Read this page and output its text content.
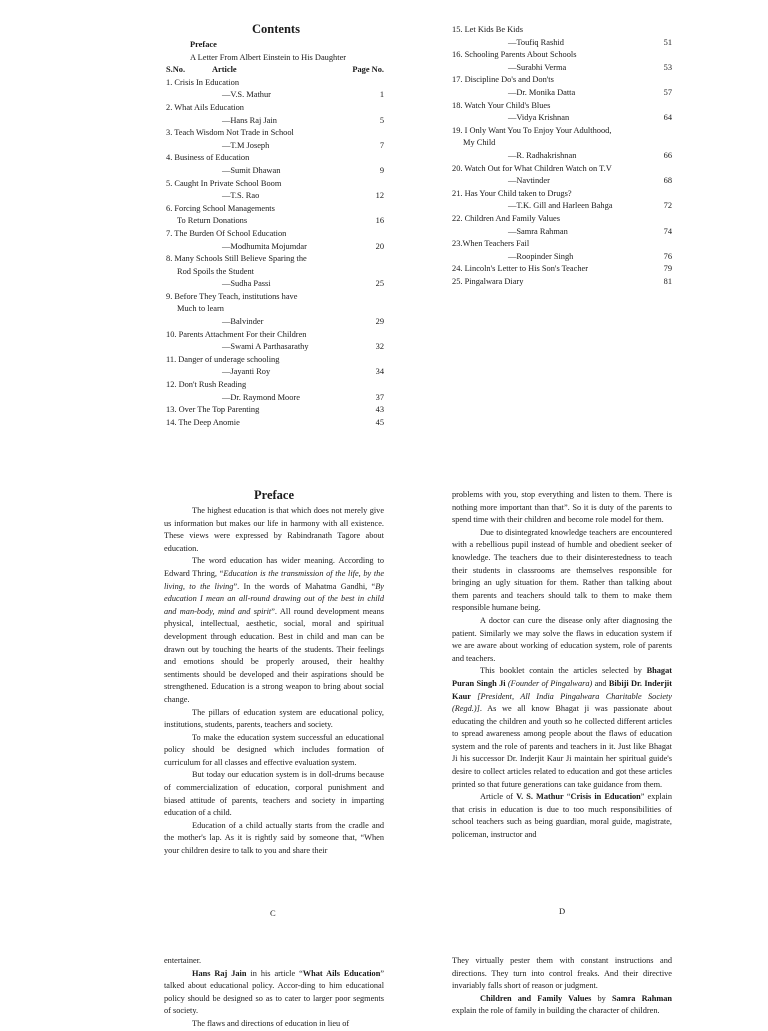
Contents
Preface
A Letter From Albert Einstein to His Daughter
S.No.	Article	Page No.
1. Crisis In Education
—V.S. Mathur	1
2. What Ails Education
—Hans Raj Jain	5
3. Teach Wisdom Not Trade in School
—T.M Joseph	7
4. Business of Education
—Sumit Dhawan	9
5. Caught In Private School Boom
—T.S. Rao	12
6. Forcing School Managements
To Return Donations	16
7. The Burden Of School Education
—Modhumita Mojumdar	20
8. Many Schools Still Believe Sparing the
Rod Spoils the Student
—Sudha Passi	25
9. Before They Teach, institutions have
Much to learn
—Balvinder	29
10. Parents Attachment For their Children
—Swami A Parthasarathy	32
11. Danger of underage schooling
—Jayanti Roy	34
12. Don't Rush Reading
—Dr. Raymond Moore	37
13. Over The Top Parenting	43
14. The Deep Anomie	45
15. Let Kids Be Kids
—Toufiq Rashid	51
16. Schooling Parents About Schools
—Surabhi Verma	53
17. Discipline Do's and Don'ts
—Dr. Monika Datta	57
18. Watch Your Child's Blues
—Vidya Krishnan	64
19. I Only Want You To Enjoy Your Adulthood,
My Child
—R. Radhakrishnan	66
20. Watch Out for What Children Watch on T.V
—Navtinder	68
21. Has Your Child taken to Drugs?
—T.K. Gill and Harleen Bahga	72
22. Children And Family Values
—Samra Rahman	74
23.When Teachers Fail
—Roopinder Singh	76
24. Lincoln's Letter to His Son's Teacher	79
25. Pingalwara Diary	81
Preface

The highest education is that which does not merely give us information but makes our life in harmony with all existence. These views were expressed by Rabindranath Tagore about education.

The word education has wider meaning. According to Edward Thring, “Education is the transmission of the life, by the living, to the living”. In the words of Mahatma Gandhi, “By education I mean an all-round drawing out of the best in child and man-body, mind and spirit”. All round development means physical, intellectual, aesthetic, social, moral and spiritual development through education. Best in child and man can be drawn out by touching the hearts of the students. Their feelings and emotions should be properly aroused, their healthy sentiments should be developed and their aspirations should be strengthened. Education is a strong weapon to bring about social change.

The pillars of education system are educational policy, institutions, students, parents, teachers and society.

To make the education system successful an educational policy should be designed which includes formation of curriculum for all classes and effective evaluation system.

But today our education system is in doll-drums because of commercialization of education, corporal punishment and biased attitude of parents, teachers and society in imparting education of a child.

Education of a child actually starts from the cradle and the mother's lap. As it is rightly said by someone that, “When your children desire to talk to you and share their

problems with you, stop everything and listen to them. There is nothing more important than that”. So it is duty of the parents to spend time with their children and become role model for them.

Due to disintegrated knowledge teachers are encountered with a rebellious pupil instead of humble and obedient seeker of knowledge. The teachers due to their disinterestedness to teach their students in classrooms are themselves responsible for bringing an ugly situation for them. Rather than talking about them parents and teachers should talk to them to make them responsible humane being.

A doctor can cure the disease only after diagnosing the patient. Similarly we may solve the flaws in education system if we are aware about working of education system, role of parents and teachers.

This booklet contain the articles selected by Bhagat Puran Singh Ji (Founder of Pingalwara) and Bibiji Dr. Inderjit Kaur [President, All India Pingalwara Charitable Society (Regd.)]. As we all know Bhagat ji was passionate about educating the children and youth so he collected different articles to spread awareness among people about the flaws of education system and the role of parents and teachers in it. Just like Bhagat Ji his successor Dr. Inderjit Kaur Ji maintain her spiritual guide's desire to collect articles related to education and got these articles printed so that future generations can take guidance from them.

Article of V. S. Mathur “Crisis in Education” explain that crisis in education is due to too much responsibilities of school teachers such as being guardian, moral guide, magistrate, policeman, instructor and

C	D

entertainer.

Hans Raj Jain in his article “What Ails Education” talked about educational policy. Accor-ding to him educational policy should be designed so as to cater to larger poor segments of society.

The flaws and directions of education in lieu of

They virtually pester them with constant instructions and directions. They turn into control freaks. And their directive invariably falls short of reason or judgment.

Children and Family Values by Samra Rahman explain the role of family in building the character of children.
